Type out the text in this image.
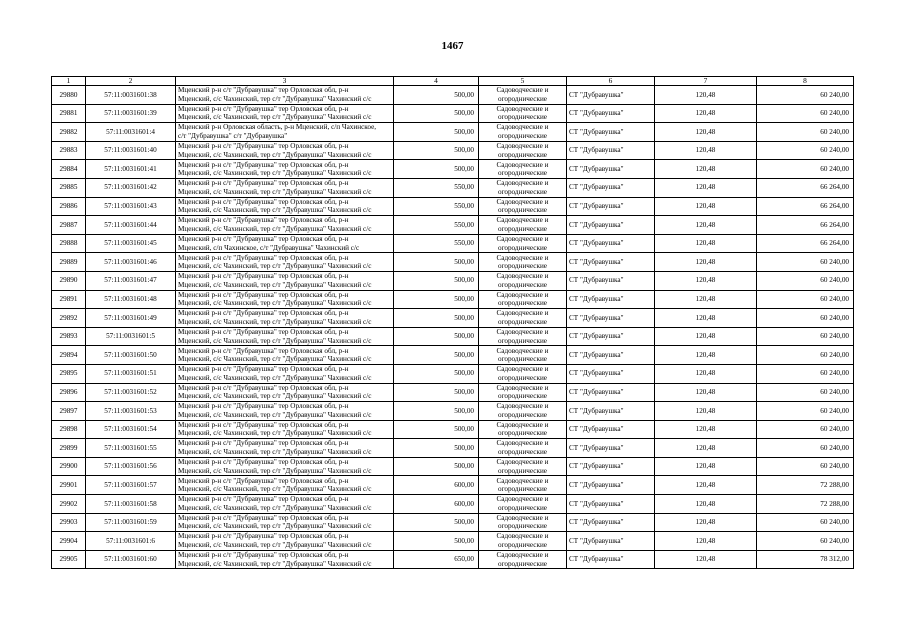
1467
1	2	3	4	5	6	7	8
29880	57:11:0031601:38	Мценский р-н с/т "Дубравушка" тер Орловская обл, р-н
Мценский, с/с Чахинский, тер с/т "Дубравушка" Чахинский с/с	500,00	Садоводческие и
огороднические	СТ "Дубравушка"	120,48	60 240,00
29881	57:11:0031601:39	Мценский р-н с/т "Дубравушка" тер Орловская обл, р-н
Мценский, с/с Чахинский, тер с/т "Дубравушка" Чахинский с/с	500,00	Садоводческие и
огороднические	СТ "Дубравушка"	120,48	60 240,00
29882	57:11:0031601:4	Мценский р-н Орловская область, р-н Мценский, с/п Чахинское,
с/т "Дубравушка" с/т "Дубравушка"	500,00	Садоводческие и
огороднические	СТ "Дубравушка"	120,48	60 240,00
29883	57:11:0031601:40	Мценский р-н с/т "Дубравушка" тер Орловская обл, р-н
Мценский, с/с Чахинский, тер с/т "Дубравушка" Чахинский с/с	500,00	Садоводческие и
огороднические	СТ "Дубравушка"	120,48	60 240,00
29884	57:11:0031601:41	Мценский р-н с/т "Дубравушка" тер Орловская обл, р-н
Мценский, с/с Чахинский, тер с/т "Дубравушка" Чахинский с/с	500,00	Садоводческие и
огороднические	СТ "Дубравушка"	120,48	60 240,00
29885	57:11:0031601:42	Мценский р-н с/т "Дубравушка" тер Орловская обл, р-н
Мценский, с/с Чахинский, тер с/т "Дубравушка" Чахинский с/с	550,00	Садоводческие и
огороднические	СТ "Дубравушка"	120,48	66 264,00
29886	57:11:0031601:43	Мценский р-н с/т "Дубравушка" тер Орловская обл, р-н
Мценский, с/с Чахинский, тер с/т "Дубравушка" Чахинский с/с	550,00	Садоводческие и
огороднические	СТ "Дубравушка"	120,48	66 264,00
29887	57:11:0031601:44	Мценский р-н с/т "Дубравушка" тер Орловская обл, р-н
Мценский, с/с Чахинский, тер с/т "Дубравушка" Чахинский с/с	550,00	Садоводческие и
огороднические	СТ "Дубравушка"	120,48	66 264,00
29888	57:11:0031601:45	Мценский р-н с/т "Дубравушка" тер Орловская обл, р-н
Мценский, с/п Чахинское, с/т "Дубравушка" Чахинский с/с	550,00	Садоводческие и
огороднические	СТ "Дубравушка"	120,48	66 264,00
29889	57:11:0031601:46	Мценский р-н с/т "Дубравушка" тер Орловская обл, р-н
Мценский, с/с Чахинский, тер с/т "Дубравушка" Чахинский с/с	500,00	Садоводческие и
огороднические	СТ "Дубравушка"	120,48	60 240,00
29890	57:11:0031601:47	Мценский р-н с/т "Дубравушка" тер Орловская обл, р-н
Мценский, с/с Чахинский, тер с/т "Дубравушка" Чахинский с/с	500,00	Садоводческие и
огороднические	СТ "Дубравушка"	120,48	60 240,00
29891	57:11:0031601:48	Мценский р-н с/т "Дубравушка" тер Орловская обл, р-н
Мценский, с/с Чахинский, тер с/т "Дубравушка" Чахинский с/с	500,00	Садоводческие и
огороднические	СТ "Дубравушка"	120,48	60 240,00
29892	57:11:0031601:49	Мценский р-н с/т "Дубравушка" тер Орловская обл, р-н
Мценский, с/с Чахинский, тер с/т "Дубравушка" Чахинский с/с	500,00	Садоводческие и
огороднические	СТ "Дубравушка"	120,48	60 240,00
29893	57:11:0031601:5	Мценский р-н с/т "Дубравушка" тер Орловская обл, р-н
Мценский, с/с Чахинский, тер с/т "Дубравушка" Чахинский с/с	500,00	Садоводческие и
огороднические	СТ "Дубравушка"	120,48	60 240,00
29894	57:11:0031601:50	Мценский р-н с/т "Дубравушка" тер Орловская обл, р-н
Мценский, с/с Чахинский, тер с/т "Дубравушка" Чахинский с/с	500,00	Садоводческие и
огороднические	СТ "Дубравушка"	120,48	60 240,00
29895	57:11:0031601:51	Мценский р-н с/т "Дубравушка" тер Орловская обл, р-н
Мценский, с/с Чахинский, тер с/т "Дубравушка" Чахинский с/с	500,00	Садоводческие и
огороднические	СТ "Дубравушка"	120,48	60 240,00
29896	57:11:0031601:52	Мценский р-н с/т "Дубравушка" тер Орловская обл, р-н
Мценский, с/с Чахинский, тер с/т "Дубравушка" Чахинский с/с	500,00	Садоводческие и
огороднические	СТ "Дубравушка"	120,48	60 240,00
29897	57:11:0031601:53	Мценский р-н с/т "Дубравушка" тер Орловская обл, р-н
Мценский, с/с Чахинский, тер с/т "Дубравушка" Чахинский с/с	500,00	Садоводческие и
огороднические	СТ "Дубравушка"	120,48	60 240,00
29898	57:11:0031601:54	Мценский р-н с/т "Дубравушка" тер Орловская обл, р-н
Мценский, с/с Чахинский, тер с/т "Дубравушка" Чахинский с/с	500,00	Садоводческие и
огороднические	СТ "Дубравушка"	120,48	60 240,00
29899	57:11:0031601:55	Мценский р-н с/т "Дубравушка" тер Орловская обл, р-н
Мценский, с/с Чахинский, тер с/т "Дубравушка" Чахинский с/с	500,00	Садоводческие и
огороднические	СТ "Дубравушка"	120,48	60 240,00
29900	57:11:0031601:56	Мценский р-н с/т "Дубравушка" тер Орловская обл, р-н
Мценский, с/с Чахинский, тер с/т "Дубравушка" Чахинский с/с	500,00	Садоводческие и
огороднические	СТ "Дубравушка"	120,48	60 240,00
29901	57:11:0031601:57	Мценский р-н с/т "Дубравушка" тер Орловская обл, р-н
Мценский, с/с Чахинский, тер с/т "Дубравушка" Чахинский с/с	600,00	Садоводческие и
огороднические	СТ "Дубравушка"	120,48	72 288,00
29902	57:11:0031601:58	Мценский р-н с/т "Дубравушка" тер Орловская обл, р-н
Мценский, с/с Чахинский, тер с/т "Дубравушка" Чахинский с/с	600,00	Садоводческие и
огороднические	СТ "Дубравушка"	120,48	72 288,00
29903	57:11:0031601:59	Мценский р-н с/т "Дубравушка" тер Орловская обл, р-н
Мценский, с/с Чахинский, тер с/т "Дубравушка" Чахинский с/с	500,00	Садоводческие и
огороднические	СТ "Дубравушка"	120,48	60 240,00
29904	57:11:0031601:6	Мценский р-н с/т "Дубравушка" тер Орловская обл, р-н
Мценский, с/с Чахинский, тер с/т "Дубравушка" Чахинский с/с	500,00	Садоводческие и
огороднические	СТ "Дубравушка"	120,48	60 240,00
29905	57:11:0031601:60	Мценский р-н с/т "Дубравушка" тер Орловская обл, р-н
Мценский, с/с Чахинский, тер с/т "Дубравушка" Чахинский с/с	650,00	Садоводческие и
огороднические	СТ "Дубравушка"	120,48	78 312,00
